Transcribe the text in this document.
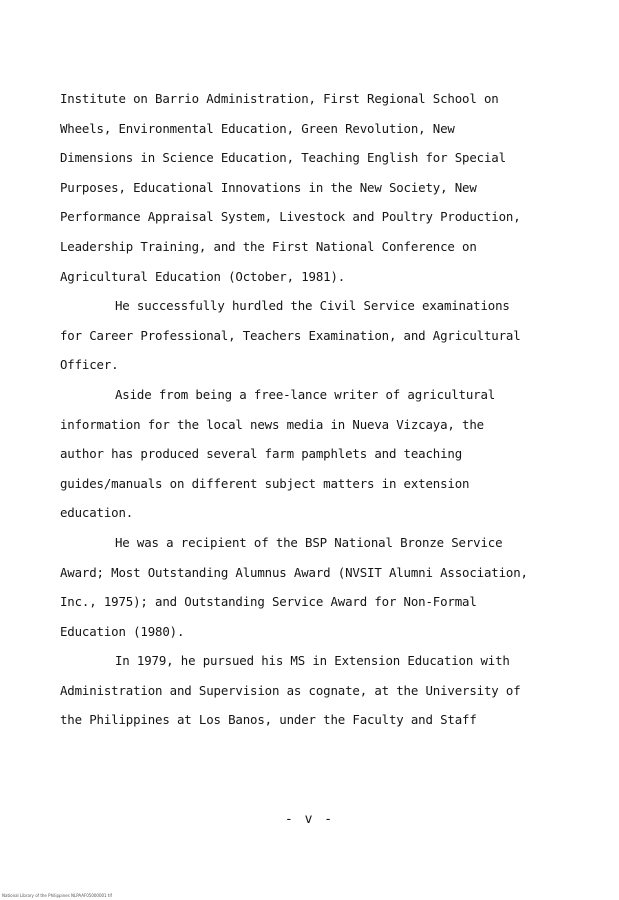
Institute on Barrio Administration, First Regional School on
Wheels, Environmental Education, Green Revolution, New
Dimensions in Science Education, Teaching English for Special
Purposes, Educational Innovations in the New Society, New
Performance Appraisal System, Livestock and Poultry Production,
Leadership Training, and the First National Conference on
Agricultural Education (October, 1981).
He successfully hurdled the Civil Service examinations
for Career Professional, Teachers Examination, and Agricultural
Officer.
Aside from being a free-lance writer of agricultural
information for the local news media in Nueva Vizcaya, the
author has produced several farm pamphlets and teaching
guides/manuals on different subject matters in extension
education.
He was a recipient of the BSP National Bronze Service
Award; Most Outstanding Alumnus Award (NVSIT Alumni Association,
Inc., 1975); and Outstanding Service Award for Non-Formal
Education (1980).
In 1979, he pursued his MS in Extension Education with
Administration and Supervision as cognate, at the University of
the Philippines at Los Banos, under the Faculty and Staff
- v -
National Library of the Philippines NLPAAF05000001 tif
